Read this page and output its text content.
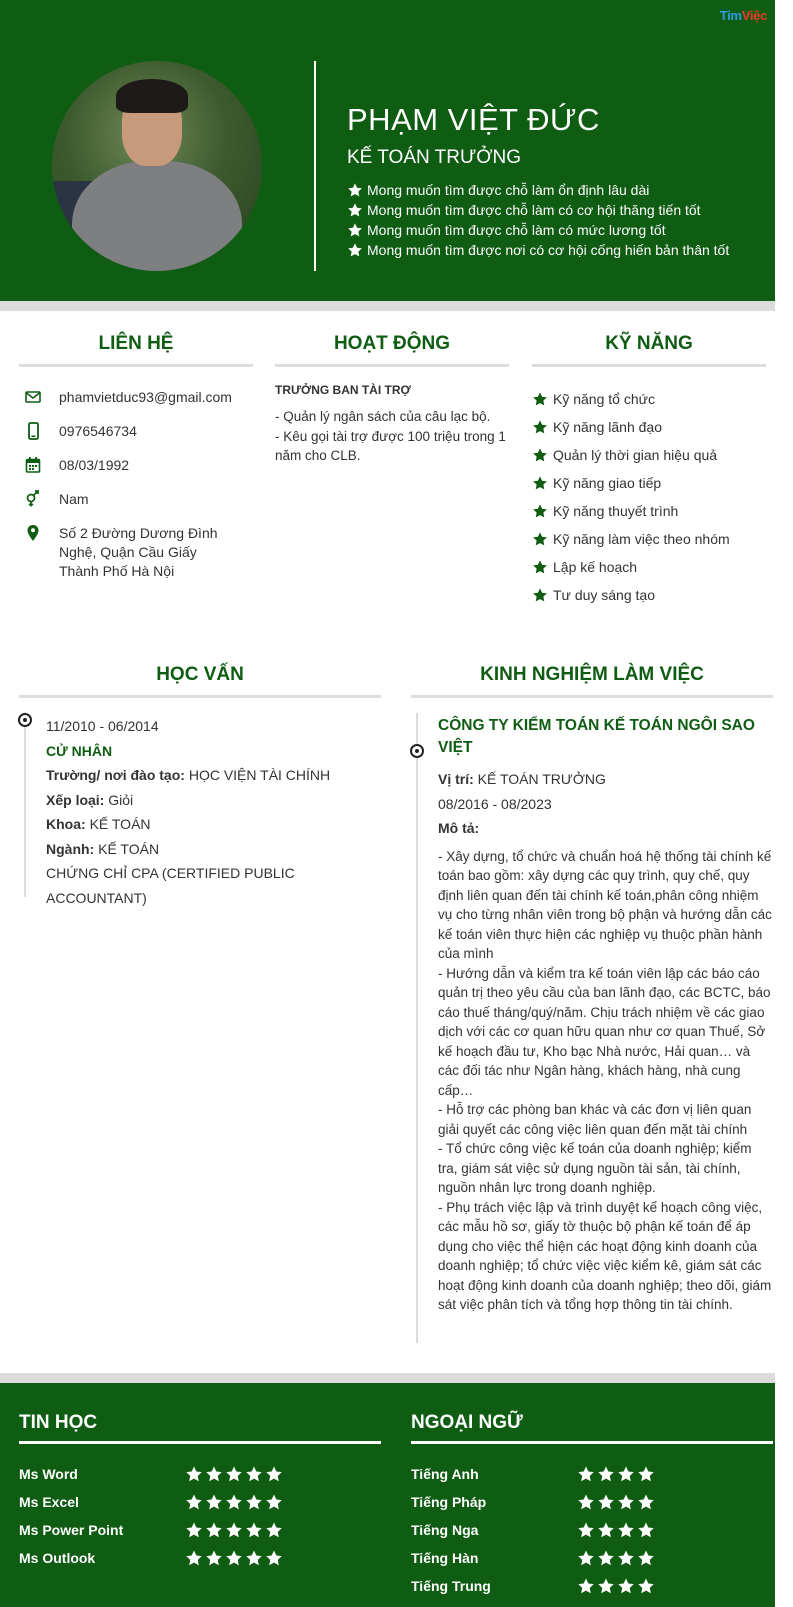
TimViệc
PHẠM VIỆT ĐỨC
KẾ TOÁN TRƯỞNG
Mong muốn tìm được chỗ làm ổn định lâu dài
Mong muốn tìm được chỗ làm có cơ hội thăng tiến tốt
Mong muốn tìm được chỗ làm có mức lương tốt
Mong muốn tìm được nơi có cơ hội cống hiến bản thân tốt
LIÊN HỆ	HOẠT ĐỘNG	KỸ NĂNG
phamvietduc93@gmail.com
0976546734
08/03/1992
Nam
Số 2 Đường Dương Đình Nghệ, Quận Cầu Giấy Thành Phố Hà Nội
TRƯỞNG BAN TÀI TRỢ
- Quản lý ngân sách của câu lạc bộ.
- Kêu gọi tài trợ được 100 triệu trong 1 năm cho CLB.
Kỹ năng tổ chức
Kỹ năng lãnh đạo
Quản lý thời gian hiệu quả
Kỹ năng giao tiếp
Kỹ năng thuyết trình
Kỹ năng làm việc theo nhóm
Lập kế hoạch
Tư duy sáng tạo
HỌC VẤN	KINH NGHIỆM LÀM VIỆC
11/2010 - 06/2014
CỬ NHÂN
Trường/ nơi đào tạo: HỌC VIỆN TÀI CHÍNH
Xếp loại: Giỏi
Khoa: KẾ TOÁN
Ngành: KẾ TOÁN
CHỨNG CHỈ CPA (CERTIFIED PUBLIC ACCOUNTANT)
CÔNG TY KIỂM TOÁN KẾ TOÁN NGÔI SAO VIỆT
Vị trí: KẾ TOÁN TRƯỞNG
08/2016 - 08/2023
Mô tả:
- Xây dựng, tổ chức và chuẩn hoá hệ thống tài chính kế toán bao gồm: xây dựng các quy trình, quy chế, quy định liên quan đến tài chính kế toán,phân công nhiệm vụ cho từng nhân viên trong bộ phận và hướng dẫn các kế toán viên thực hiện các nghiệp vụ thuộc phần hành của mình
- Hướng dẫn và kiểm tra kế toán viên lập các báo cáo quản trị theo yêu cầu của ban lãnh đạo, các BCTC, báo cáo thuế tháng/quý/năm. Chịu trách nhiệm về các giao dịch với các cơ quan hữu quan như cơ quan Thuế, Sở kế hoạch đầu tư, Kho bạc Nhà nước, Hải quan… và các đối tác như Ngân hàng, khách hàng, nhà cung cấp…
- Hỗ trợ các phòng ban khác và các đơn vị liên quan giải quyết các công việc liên quan đến mặt tài chính
- Tổ chức công việc kế toán của doanh nghiệp; kiểm tra, giám sát việc sử dụng nguồn tài sản, tài chính, nguồn nhân lực trong doanh nghiệp.
- Phụ trách việc lập và trình duyệt kế hoạch công việc, các mẫu hồ sơ, giấy tờ thuộc bộ phận kế toán để áp dụng cho việc thể hiện các hoạt động kinh doanh của doanh nghiệp; tổ chức việc việc kiểm kê, giám sát các hoạt động kinh doanh của doanh nghiệp; theo dõi, giám sát việc phân tích và tổng hợp thông tin tài chính.
TIN HỌC
Ms Word
Ms Excel
Ms Power Point
Ms Outlook
NGOẠI NGỮ
Tiếng Anh
Tiếng Pháp
Tiếng Nga
Tiếng Hàn
Tiếng Trung
